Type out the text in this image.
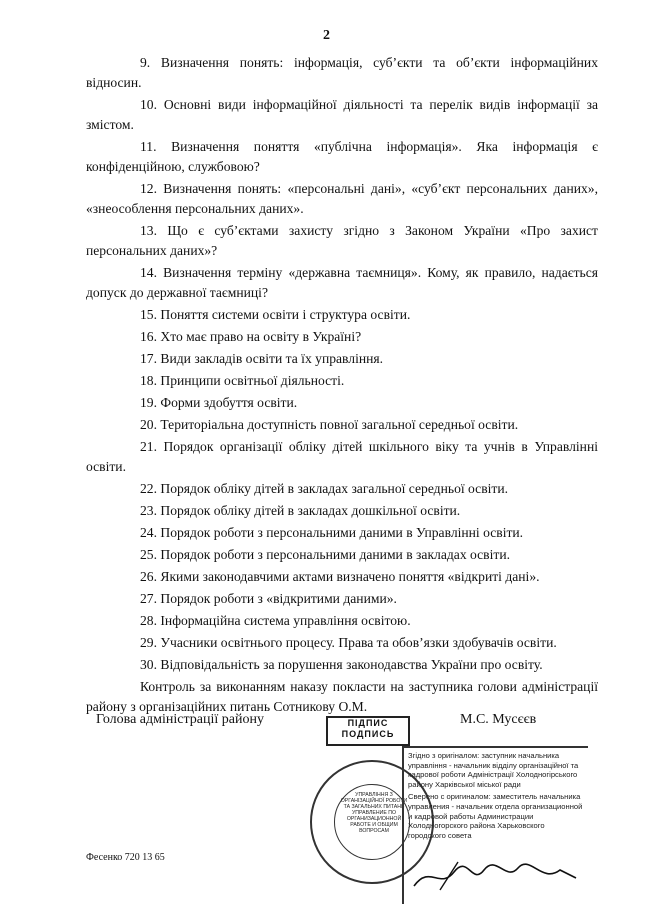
2

9. Визначення понять: інформація, суб’єкти та об’єкти інформаційних відносин.

10. Основні види інформаційної діяльності та перелік видів інформації за змістом.

11. Визначення поняття «публічна інформація». Яка інформація є конфіденційною, службовою?

12. Визначення понять: «персональні дані», «суб’єкт персональних даних», «знеособлення персональних даних».

13. Що є суб’єктами захисту згідно з Законом України «Про захист персональних даних»?

14. Визначення терміну «державна таємниця». Кому, як правило, надається допуск до державної таємниці?

15. Поняття системи освіти і структура освіти.

16. Хто має право на освіту в Україні?

17. Види закладів освіти та їх управління.

18. Принципи освітньої діяльності.

19. Форми здобуття освіти.

20. Територіальна доступність повної загальної середньої освіти.

21. Порядок організації обліку дітей шкільного віку та учнів в Управлінні освіти.

22. Порядок обліку дітей в закладах загальної середньої освіти.

23. Порядок обліку дітей в закладах дошкільної освіти.

24. Порядок роботи з персональними даними в Управлінні освіти.

25. Порядок роботи з персональними даними в закладах освіти.

26. Якими законодавчими актами визначено поняття «відкриті дані».

27. Порядок роботи з «відкритими даними».

28. Інформаційна система управління освітою.

29. Учасники освітнього процесу. Права та обов’язки здобувачів освіти.

30. Відповідальність за порушення законодавства України про освіту.

Контроль за виконанням наказу покласти на заступника голови адміністрації району з організаційних питань Сотникову О.М.

Голова адміністрації району	М.С. Мусєєв
ПІДПИС
ПОДПИСЬ
УПРАВЛІННЯ З ОРГАНІЗАЦІЙНОЇ РОБОТИ ТА ЗАГАЛЬНИХ ПИТАНЬ УПРАВЛЕНИЕ ПО ОРГАНИЗАЦИОННОЙ РАБОТЕ И ОБЩИМ ВОПРОСАМ

Згідно з оригіналом: заступник начальника управління - начальник відділу організаційної та кадрової роботи Адміністрації Холодногірського району Харківської міської ради

Сверено с оригиналом: заместитель начальника управления - начальник отдела организационной и кадровой работы Администрации Холодногорского района Харьковского городского совета

Фесенко 720 13 65
